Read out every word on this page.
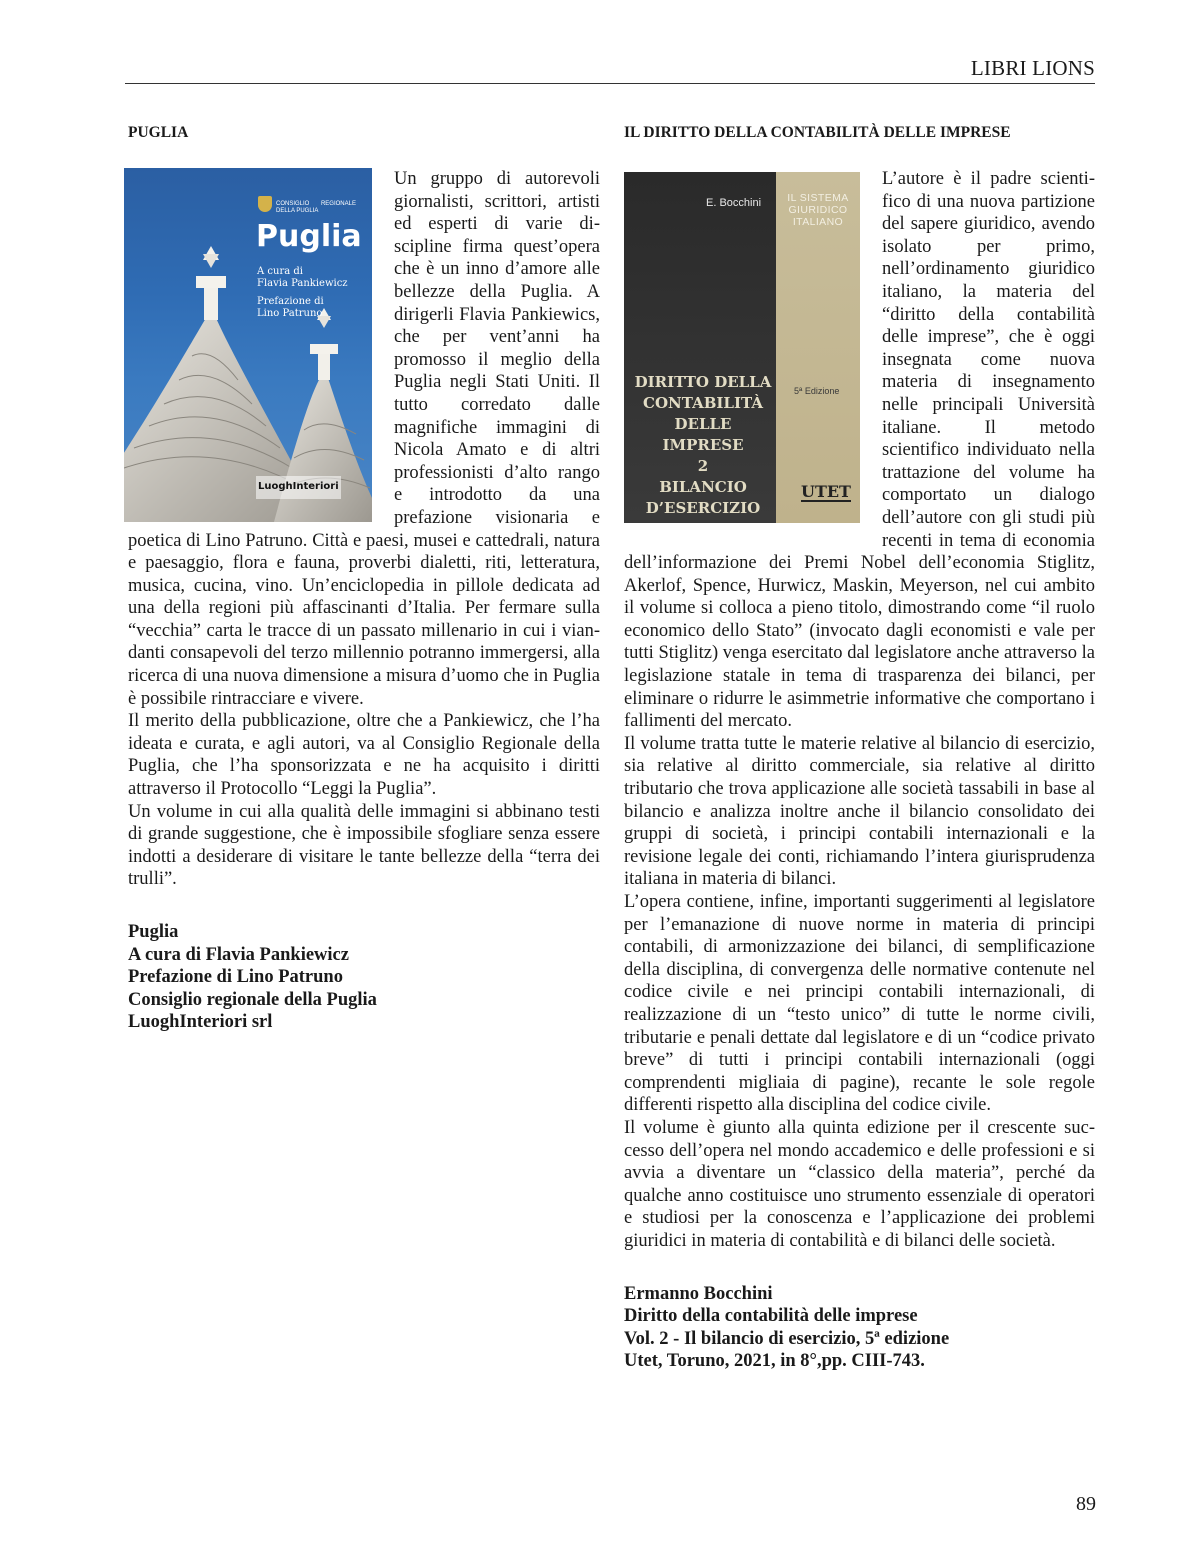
LIBRI LIONS
PUGLIA
CONSIGLIO REGIONALE DELLA PUGLIA
Puglia
A cura di
Flavia Pankiewicz
Prefazione di
Lino Patruno
LuoghInteriori
Un gruppo di autorevoli giornalisti, scrittori, artisti ed esperti di varie discipline firma quest’opera che è un inno d’amore alle bellezze della Puglia. A dirigerli Flavia Pankiewics, che per vent’anni ha promosso il meglio della Puglia negli Stati Uniti. Il tutto corredato dalle magnifiche immagini di Nicola Amato e di altri professionisti d’alto rango e introdotto da una prefazione visionaria e poetica di Lino Patruno. Città e paesi, musei e cattedrali, natura e paesaggio, flora e fauna, proverbi dialetti, riti, letteratura, musica, cucina, vino. Un’enciclopedia in pillole dedicata ad una della regioni più affascinanti d’Italia. Per fermare sulla “vecchia” carta le tracce di un passato millenario in cui i viandanti consapevoli del terzo millennio potranno immergersi, alla ricerca di una nuova dimensione a misura d’uomo che in Puglia è possibile rintracciare e vivere.
Il merito della pubblicazione, oltre che a Pankiewicz, che l’ha ideata e curata, e agli autori, va al Consiglio Regionale della Puglia, che l’ha sponsorizzata e ne ha acquisito i diritti attraverso il Protocollo “Leggi la Puglia”.
Un volume in cui alla qualità delle immagini si abbinano testi di grande suggestione, che è impossibile sfogliare senza essere indotti a desiderare di visitare le tante bellezze della “terra dei trulli”.
Puglia
A cura di Flavia Pankiewicz
Prefazione di Lino Patruno
Consiglio regionale della Puglia
LuoghInteriori srl
IL DIRITTO DELLA CONTABILITÀ DELLE IMPRESE
E. Bocchini	IL SISTEMA
GIURIDICO
ITALIANO
DIRITTO DELLA
CONTABILITÀ
DELLE IMPRESE
2
BILANCIO
D’ESERCIZIO
5ª Edizione
UTET
L’autore è il padre scientifico di una nuova partizione del sapere giuridico, avendo isolato per primo, nell’ordinamento giuridico italiano, la materia del “diritto della contabilità delle imprese”, che è oggi insegnata come nuova materia di insegnamento nelle principali Università italiane. Il metodo scientifico individuato nella trattazione del volume ha comportato un dialogo dell’autore con gli studi più recenti in tema di economia dell’informazione dei Premi Nobel dell’economia Stiglitz, Akerlof, Spence, Hurwicz, Maskin, Meyerson, nel cui ambito il volume si colloca a pieno titolo, dimostrando come “il ruolo economico dello Stato” (invocato dagli economisti e vale per tutti Stiglitz) venga esercitato dal legislatore anche attraverso la legislazione statale in tema di trasparenza dei bilanci, per eliminare o ridurre le asimmetrie informative che comportano i fallimenti del mercato.
Il volume tratta tutte le materie relative al bilancio di esercizio, sia relative al diritto commerciale, sia relative al diritto tributario che trova applicazione alle società tassabili in base al bilancio e analizza inoltre anche il bilancio consolidato dei gruppi di società, i principi contabili internazionali e la revisione legale dei conti, richiamando l’intera giurisprudenza italiana in materia di bilanci.
L’opera contiene, infine, importanti suggerimenti al legislatore per l’emanazione di nuove norme in materia di principi contabili, di armonizzazione dei bilanci, di semplificazione della disciplina, di convergenza delle normative contenute nel codice civile e nei principi contabili internazionali, di realizzazione di un “testo unico” di tutte le norme civili, tributarie e penali dettate dal legislatore e di un “codice privato breve” di tutti i principi contabili internazionali (oggi comprendenti migliaia di pagine), recante le sole regole differenti rispetto alla disciplina del codice civile.
Il volume è giunto alla quinta edizione per il crescente successo dell’opera nel mondo accademico e delle professioni e si avvia a diventare un “classico della materia”, perché da qualche anno costituisce uno strumento essenziale di operatori e studiosi per la conoscenza e l’applicazione dei problemi giuridici in materia di contabilità e di bilanci delle società.
Ermanno Bocchini
Diritto della contabilità delle imprese
Vol. 2 - Il bilancio di esercizio, 5ª edizione
Utet, Toruno, 2021, in 8°,pp. CIII-743.
89
